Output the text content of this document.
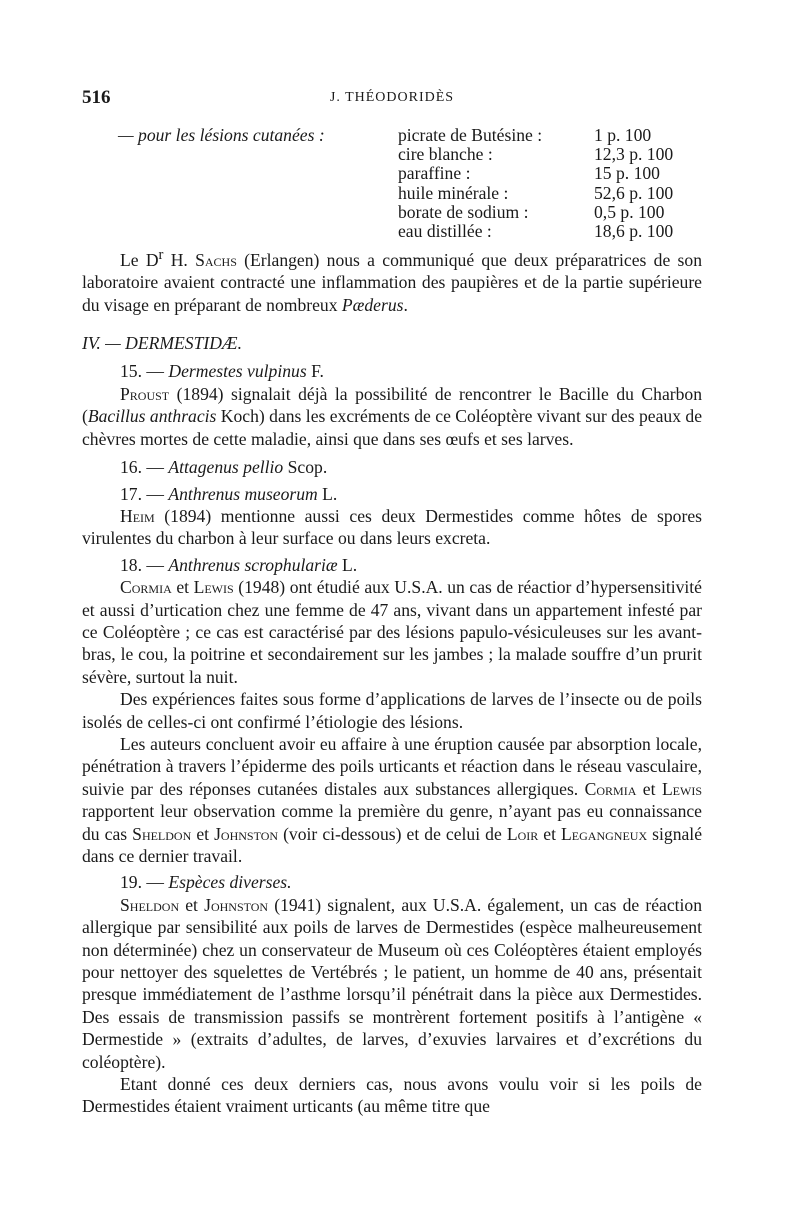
516	J. THÉODORIDÈS
— pour les lésions cutanées :	picrate de Butésine :
cire blanche :
paraffine :
huile minérale :
borate de sodium :
eau distillée :
1 p. 100
12,3 p. 100
15 p. 100
52,6 p. 100
0,5 p. 100
18,6 p. 100

Le $D^r$ H. Sachs (Erlangen) nous a communiqué que deux préparatrices de son laboratoire avaient contracté une inflammation des paupières et de la partie supérieure du visage en préparant de nombreux Pæderus.

IV. — DERMESTIDÆ.
15. — Dermestes vulpinus F.

Proust (1894) signalait déjà la possibilité de rencontrer le Bacille du Charbon (Bacillus anthracis Koch) dans les excréments de ce Coléoptère vivant sur des peaux de chèvres mortes de cette maladie, ainsi que dans ses œufs et ses larves.

16. — Attagenus pellio Scop.
17. — Anthrenus museorum L.

Heim (1894) mentionne aussi ces deux Dermestides comme hôtes de spores virulentes du charbon à leur surface ou dans leurs excreta.

18. — Anthrenus scrophulariæ L.

Cormia et Lewis (1948) ont étudié aux U.S.A. un cas de réactior d’hypersensitivité et aussi d’urtication chez une femme de 47 ans, vivant dans un appartement infesté par ce Coléoptère ; ce cas est caractérisé par des lésions papulo-vésiculeuses sur les avant-bras, le cou, la poitrine et secondairement sur les jambes ; la malade souffre d’un prurit sévère, surtout la nuit.

Des expériences faites sous forme d’applications de larves de l’insecte ou de poils isolés de celles-ci ont confirmé l’étiologie des lésions.

Les auteurs concluent avoir eu affaire à une éruption causée par absorption locale, pénétration à travers l’épiderme des poils urticants et réaction dans le réseau vasculaire, suivie par des réponses cutanées distales aux substances allergiques. Cormia et Lewis rapportent leur observation comme la première du genre, n’ayant pas eu connaissance du cas Sheldon et Johnston (voir ci-dessous) et de celui de Loir et Legangneux signalé dans ce dernier travail.

19. — Espèces diverses.

Sheldon et Johnston (1941) signalent, aux U.S.A. également, un cas de réaction allergique par sensibilité aux poils de larves de Dermestides (espèce malheureusement non déterminée) chez un conservateur de Museum où ces Coléoptères étaient employés pour nettoyer des squelettes de Vertébrés ; le patient, un homme de 40 ans, présentait presque immédiatement de l’asthme lorsqu’il pénétrait dans la pièce aux Dermestides. Des essais de transmission passifs se montrèrent fortement positifs à l’antigène « Dermestide » (extraits d’adultes, de larves, d’exuvies larvaires et d’excrétions du coléoptère).

Etant donné ces deux derniers cas, nous avons voulu voir si les poils de Dermestides étaient vraiment urticants (au même titre que
